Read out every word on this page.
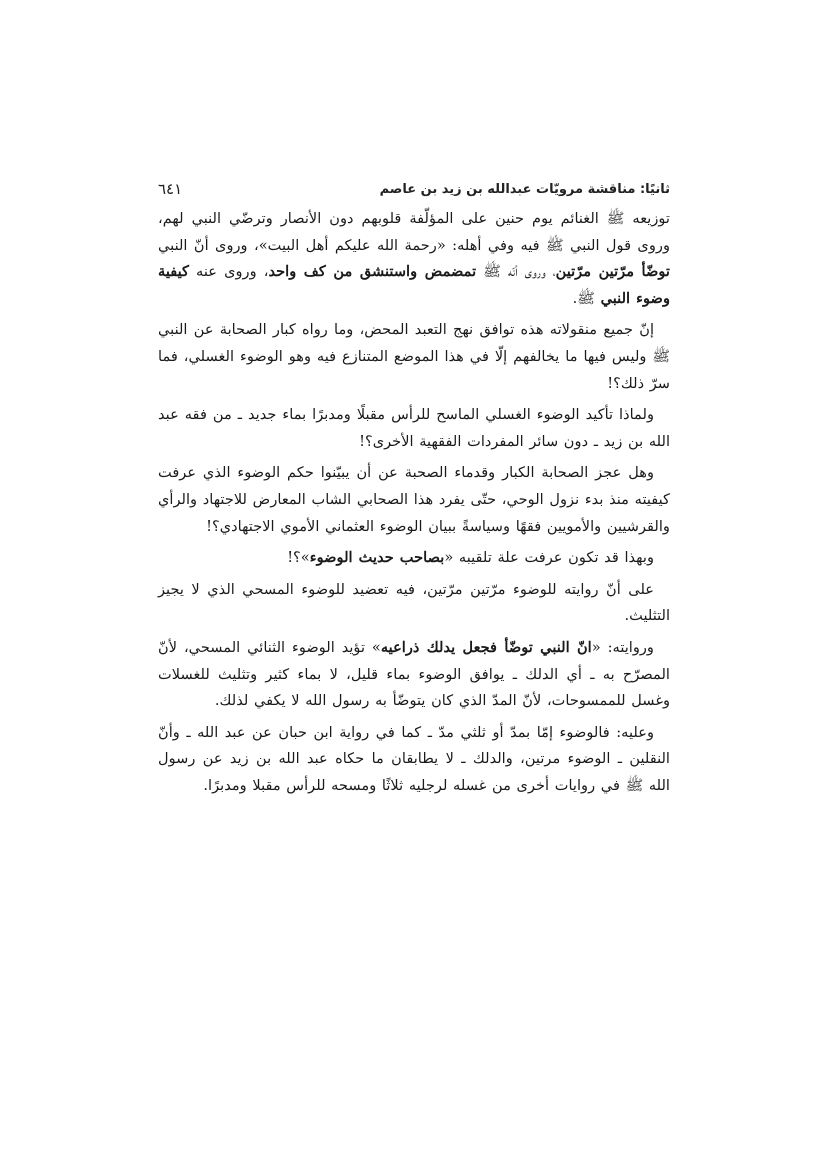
ثانيًا: مناقشة مرويّات عبدالله بن زيد بن عاصم
٦٤١

توزيعه ﷺ الغنائم يوم حنين على المؤلّفة قلوبهم دون الأنصار وترضّي النبي لهم، وروى قول النبي ﷺ فيه وفي أهله: «رحمة الله عليكم أهل البيت»، وروى أنّ النبي توضّأ مرّتين مرّتين، وروى أنّه ﷺ تمضمض واستنشق من كف واحد، وروى عنه كيفية وضوء النبي ﷺ.

إنّ جميع منقولاته هذه توافق نهج التعبد المحض، وما رواه كبار الصحابة عن النبي ﷺ وليس فيها ما يخالفهم إلّا في هذا الموضع المتنازع فيه وهو الوضوء الغسلي، فما سرّ ذلك؟!

ولماذا تأكيد الوضوء الغسلي الماسح للرأس مقبلًا ومدبرًا بماء جديد ـ من فقه عبد الله بن زيد ـ دون سائر المفردات الفقهية الأخرى؟!

وهل عجز الصحابة الكبار وقدماء الصحبة عن أن يبيّنوا حكم الوضوء الذي عرفت كيفيته منذ بدء نزول الوحي، حتّى يفرد هذا الصحابي الشاب المعارض للاجتهاد والرأي والقرشيين والأمويين فقهًا وسياسةً ببيان الوضوء العثماني الأموي الاجتهادي؟!

وبهذا قد تكون عرفت علة تلقيبه «بصاحب حديث الوضوء»؟!

على أنّ روايته للوضوء مرّتين مرّتين، فيه تعضيد للوضوء المسحي الذي لا يجيز التثليث.

وروايته: «انّ النبي توضّأ فجعل يدلك ذراعيه» تؤيد الوضوء الثنائي المسحي، لأنّ المصرّح به ـ أي الدلك ـ يوافق الوضوء بماء قليل، لا بماء كثير وتثليث للغسلات وغسل للممسوحات، لأنّ المدّ الذي كان يتوضّأ به رسول الله لا يكفي لذلك.

وعليه: فالوضوء إمّا بمدّ أو ثلثي مدّ ـ كما في رواية ابن حبان عن عبد الله ـ وأنّ النقلين ـ الوضوء مرتين، والدلك ـ لا يطابقان ما حكاه عبد الله بن زيد عن رسول الله ﷺ في روايات أخرى من غسله لرجليه ثلاثًا ومسحه للرأس مقبلا ومدبرًا.
